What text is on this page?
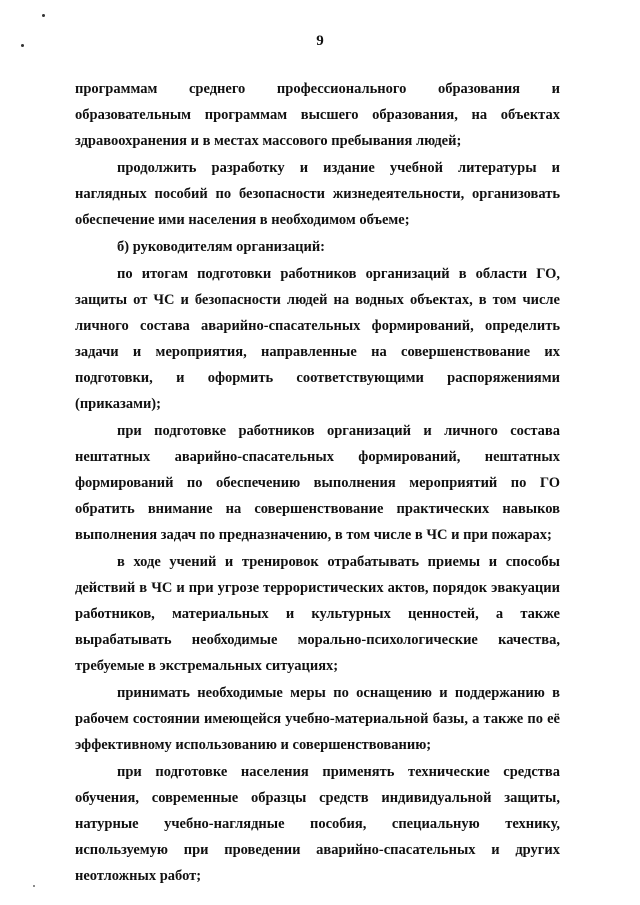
9

программам среднего профессионального образования и образовательным программам высшего образования, на объектах здравоохранения и в местах массового пребывания людей;

продолжить разработку и издание учебной литературы и наглядных пособий по безопасности жизнедеятельности, организовать обеспечение ими населения в необходимом объеме;

б) руководителям организаций:

по итогам подготовки работников организаций в области ГО, защиты от ЧС и безопасности людей на водных объектах, в том числе личного состава аварийно-спасательных формирований, определить задачи и мероприятия, направленные на совершенствование их подготовки, и оформить соответствующими распоряжениями (приказами);

при подготовке работников организаций и личного состава нештатных аварийно-спасательных формирований, нештатных формирований по обеспечению выполнения мероприятий по ГО обратить внимание на совершенствование практических навыков выполнения задач по предназначению, в том числе в ЧС и при пожарах;

в ходе учений и тренировок отрабатывать приемы и способы действий в ЧС и при угрозе террористических актов, порядок эвакуации работников, материальных и культурных ценностей, а также вырабатывать необходимые морально-психологические качества, требуемые в экстремальных ситуациях;

принимать необходимые меры по оснащению и поддержанию в рабочем состоянии имеющейся учебно-материальной базы, а также по её эффективному использованию и совершенствованию;

при подготовке населения применять технические средства обучения, современные образцы средств индивидуальной защиты, натурные учебно-наглядные пособия, специальную технику, используемую при проведении аварийно-спасательных и других неотложных работ;
